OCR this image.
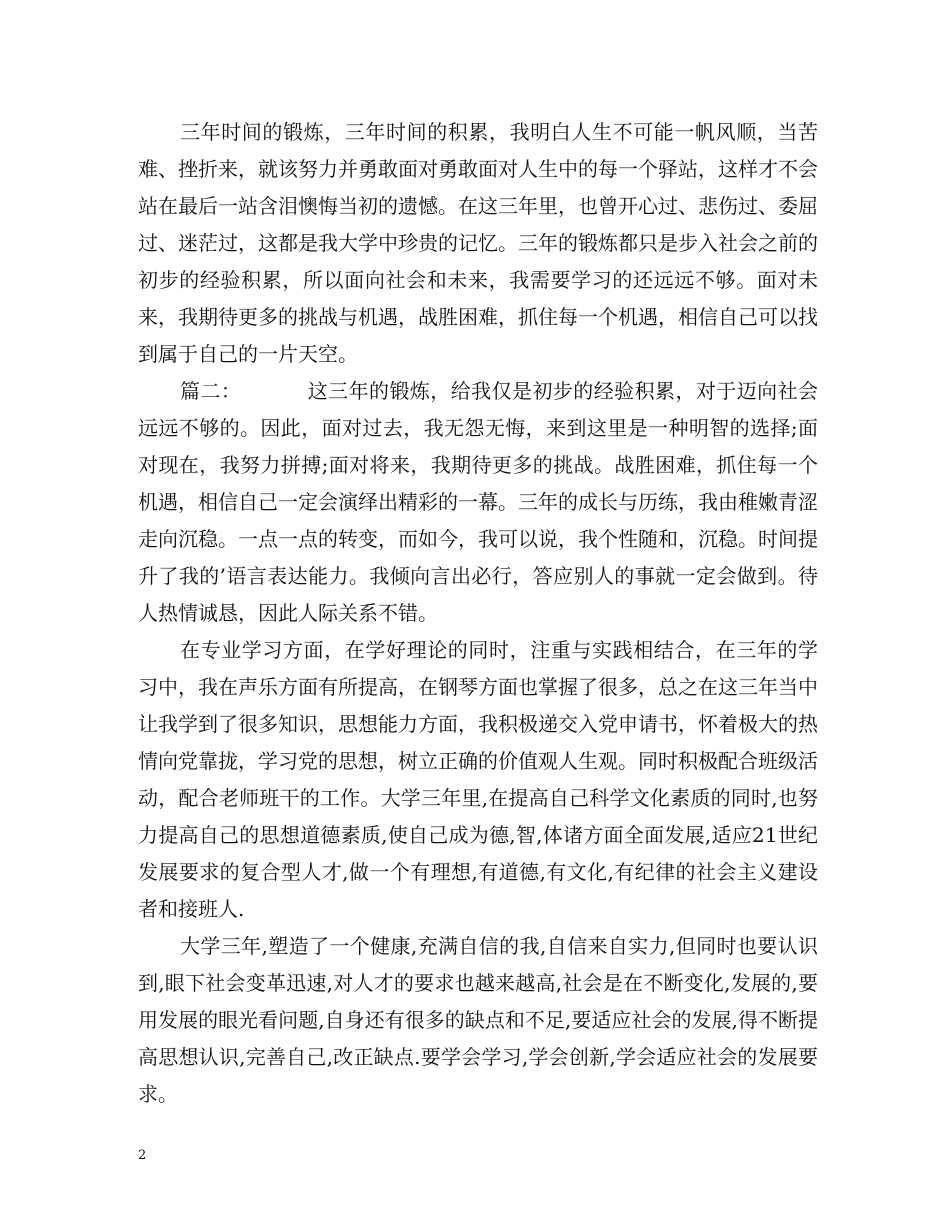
三年时间的锻炼，三年时间的积累，我明白人生不可能一帆风顺，当苦难、挫折来，就该努力并勇敢面对勇敢面对人生中的每一个驿站，这样才不会站在最后一站含泪懊悔当初的遗憾。在这三年里，也曾开心过、悲伤过、委屈过、迷茫过，这都是我大学中珍贵的记忆。三年的锻炼都只是步入社会之前的初步的经验积累，所以面向社会和未来，我需要学习的还远远不够。面对未来，我期待更多的挑战与机遇，战胜困难，抓住每一个机遇，相信自己可以找到属于自己的一片天空。

篇二：	这三年的锻炼，给我仅是初步的经验积累，对于迈向社会远远不够的。因此，面对过去，我无怨无悔，来到这里是一种明智的选择;面对现在，我努力拼搏;面对将来，我期待更多的挑战。战胜困难，抓住每一个机遇，相信自己一定会演绎出精彩的一幕。三年的成长与历练，我由稚嫩青涩走向沉稳。一点一点的转变，而如今，我可以说，我个性随和，沉稳。时间提升了我的’语言表达能力。我倾向言出必行，答应别人的事就一定会做到。待人热情诚恳，因此人际关系不错。

在专业学习方面，在学好理论的同时，注重与实践相结合，在三年的学习中，我在声乐方面有所提高，在钢琴方面也掌握了很多，总之在这三年当中让我学到了很多知识，思想能力方面，我积极递交入党申请书，怀着极大的热情向党靠拢，学习党的思想，树立正确的价值观人生观。同时积极配合班级活动，配合老师班干的工作。大学三年里,在提高自己科学文化素质的同时,也努力提高自己的思想道德素质,使自己成为德,智,体诸方面全面发展,适应21世纪发展要求的复合型人才,做一个有理想,有道德,有文化,有纪律的社会主义建设者和接班人.

大学三年,塑造了一个健康,充满自信的我,自信来自实力,但同时也要认识到,眼下社会变革迅速,对人才的要求也越来越高,社会是在不断变化,发展的,要用发展的眼光看问题,自身还有很多的缺点和不足,要适应社会的发展,得不断提高思想认识,完善自己,改正缺点.要学会学习,学会创新,学会适应社会的发展要求。

2
